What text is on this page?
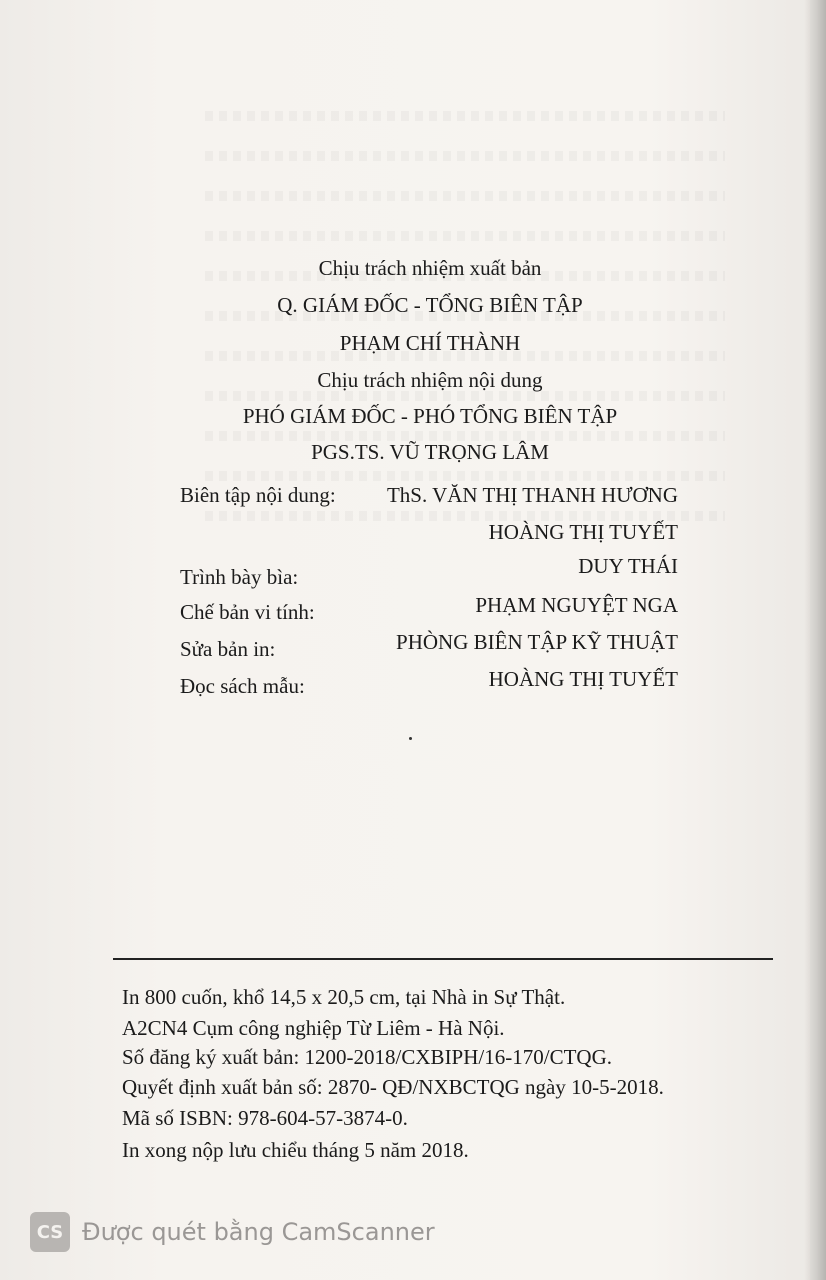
Chịu trách nhiệm xuất bản
Q. GIÁM ĐỐC - TỔNG BIÊN TẬP
PHẠM CHÍ THÀNH
Chịu trách nhiệm nội dung
PHÓ GIÁM ĐỐC - PHÓ TỔNG BIÊN TẬP
PGS.TS. VŨ TRỌNG LÂM
Biên tập nội dung: ThS. VĂN THỊ THANH HƯƠNG
HOÀNG THỊ TUYẾT
Trình bày bìa:	DUY THÁI
Chế bản vi tính:	PHẠM NGUYỆT NGA
Sửa bản in:	PHÒNG BIÊN TẬP KỸ THUẬT
Đọc sách mẫu:	HOÀNG THỊ TUYẾT
In 800 cuốn, khổ 14,5 x 20,5 cm, tại Nhà in Sự Thật.
A2CN4 Cụm công nghiệp Từ Liêm - Hà Nội.
Số đăng ký xuất bản: 1200-2018/CXBIPH/16-170/CTQG.
Quyết định xuất bản số: 2870- QĐ/NXBCTQG ngày 10-5-2018.
Mã số ISBN: 978-604-57-3874-0.
In xong nộp lưu chiểu tháng 5 năm 2018.
CS Được quét bằng CamScanner
